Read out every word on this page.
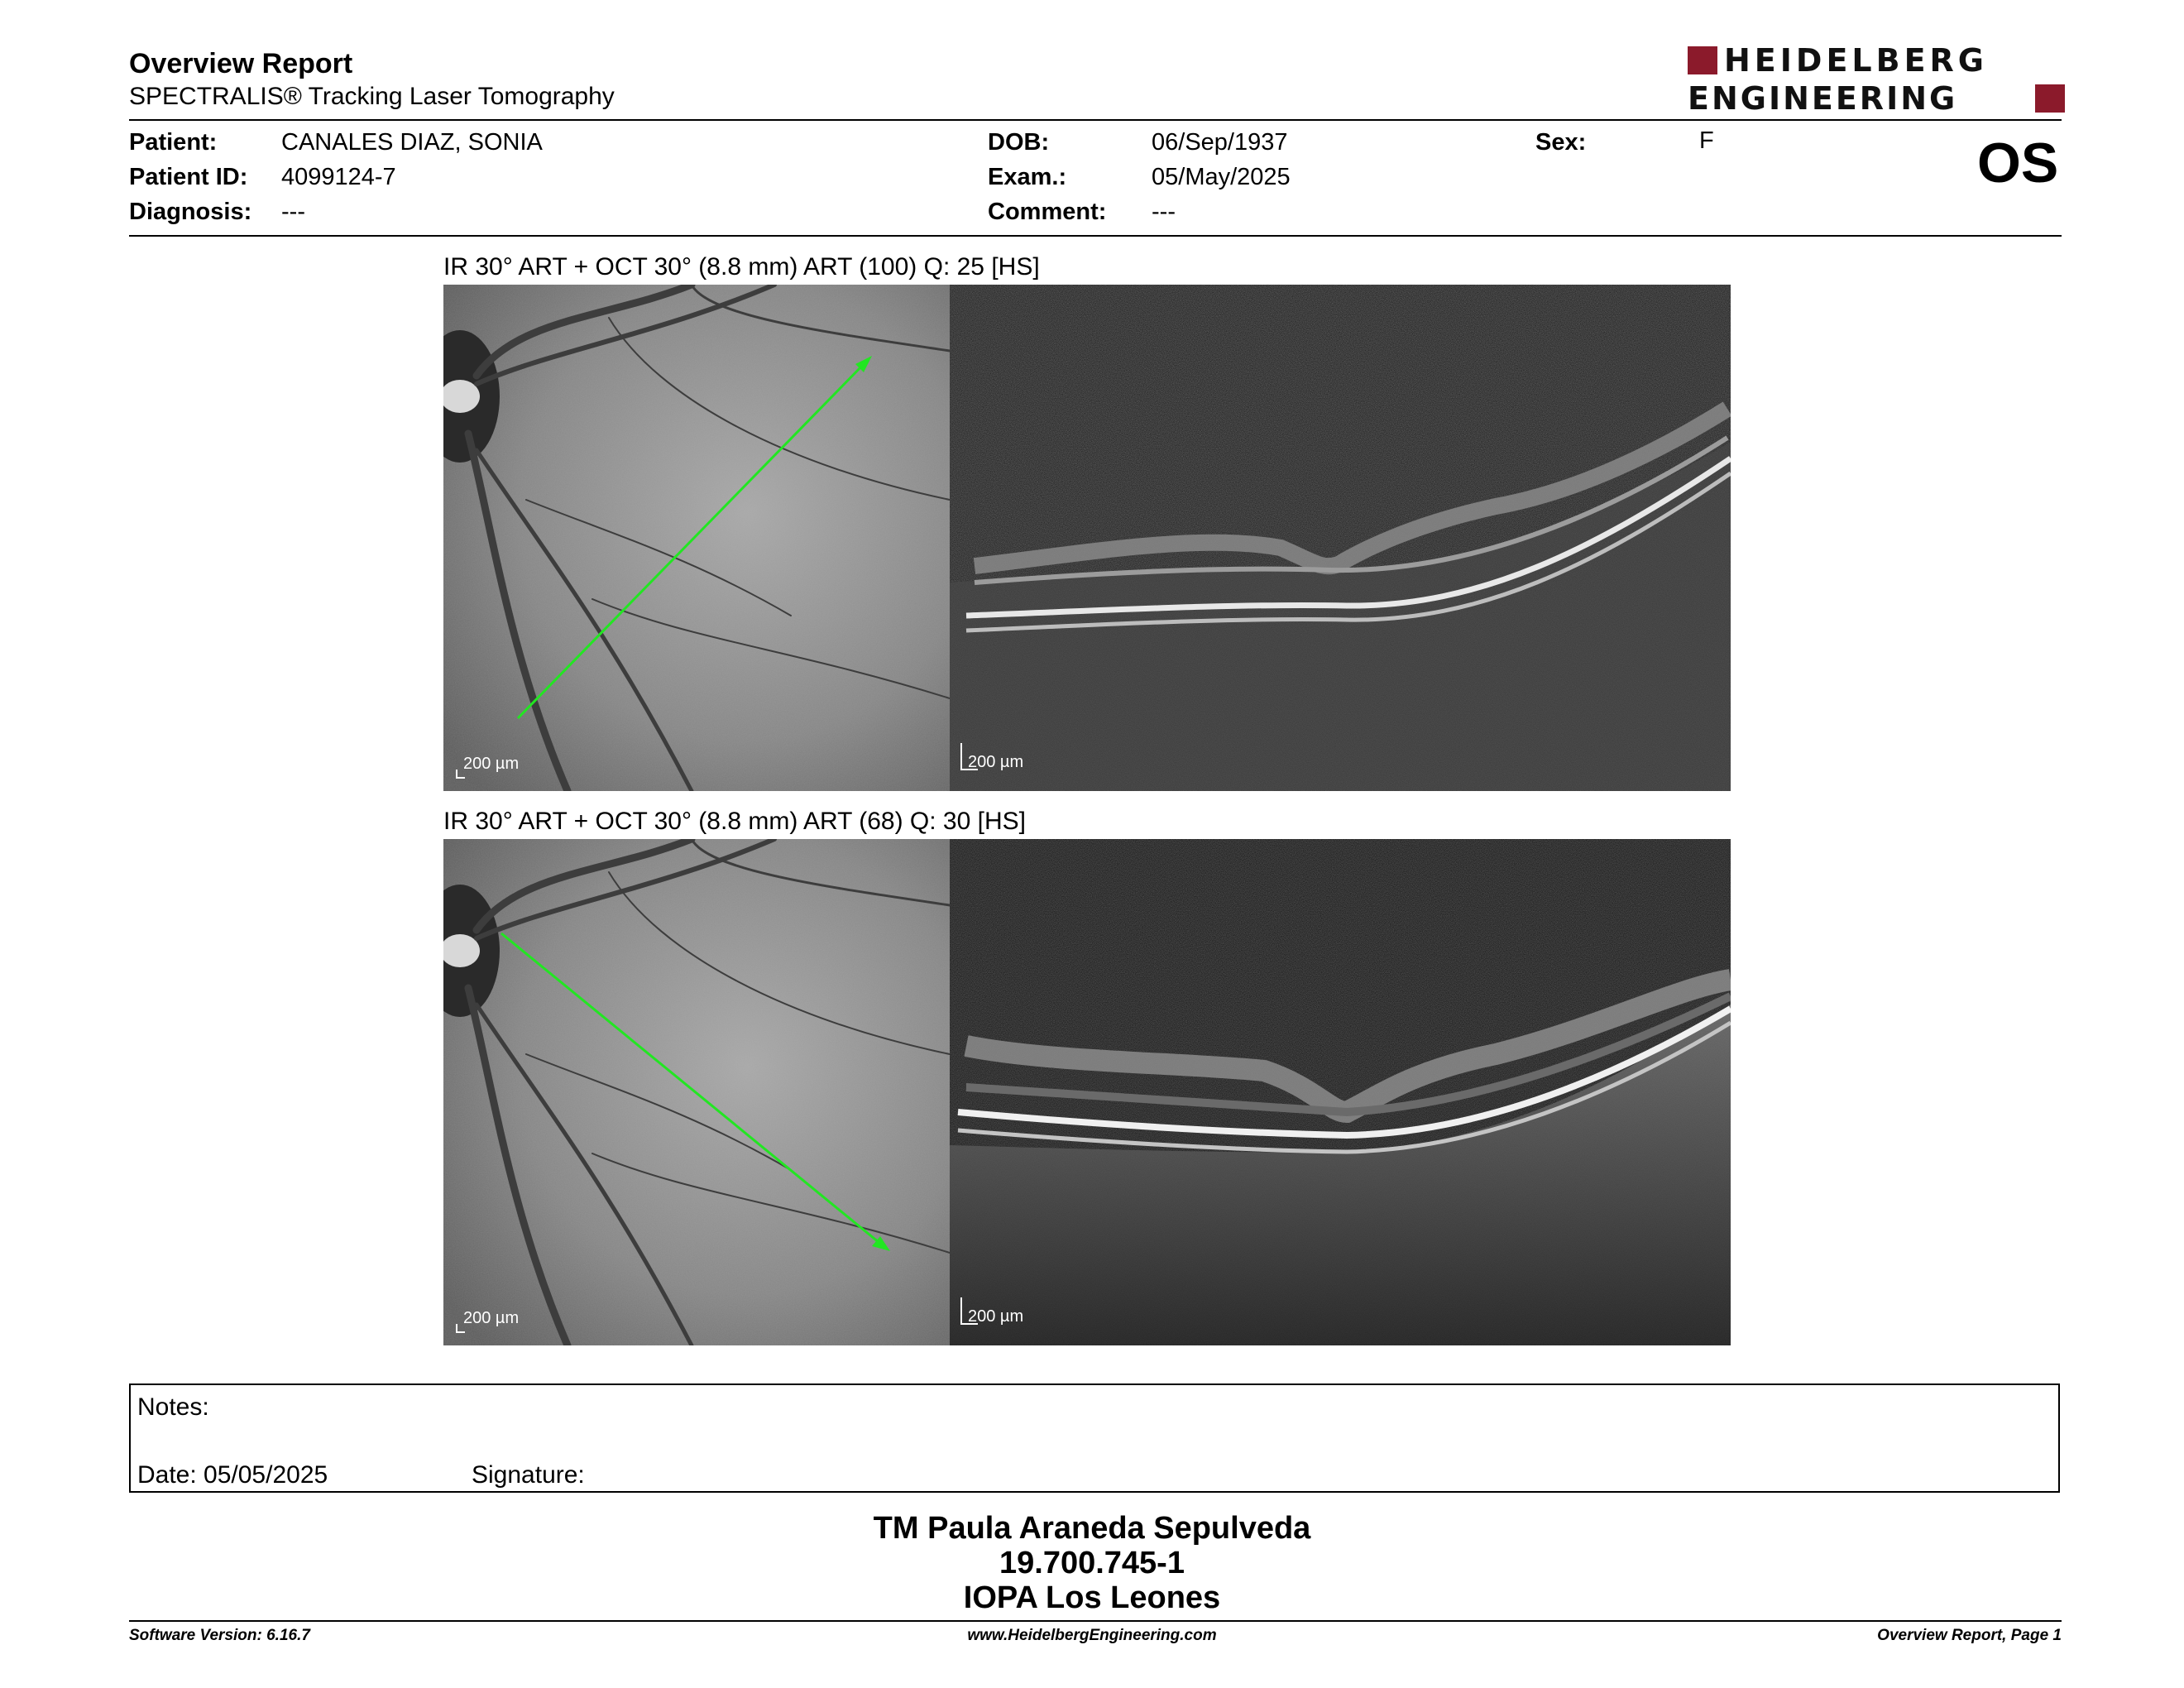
Overview Report
SPECTRALIS® Tracking Laser Tomography
HEIDELBERG
ENGINEERING
Patient:	CANALES DIAZ, SONIA
Patient ID: 4099124-7
Diagnosis: ---
DOB:	06/Sep/1937
Exam.:	05/May/2025
Comment: ---
Sex:	F	OS
IR 30° ART + OCT 30° (8.8 mm) ART (100) Q: 25 [HS]
200 µm	200 µm
IR 30° ART + OCT 30° (8.8 mm) ART (68) Q: 30 [HS]
200 µm	200 µm
Notes:
Date: 05/05/2025	Signature:
TM Paula Araneda Sepulveda
19.700.745-1
IOPA Los Leones
Software Version: 6.16.7	www.HeidelbergEngineering.com	Overview Report, Page 1
